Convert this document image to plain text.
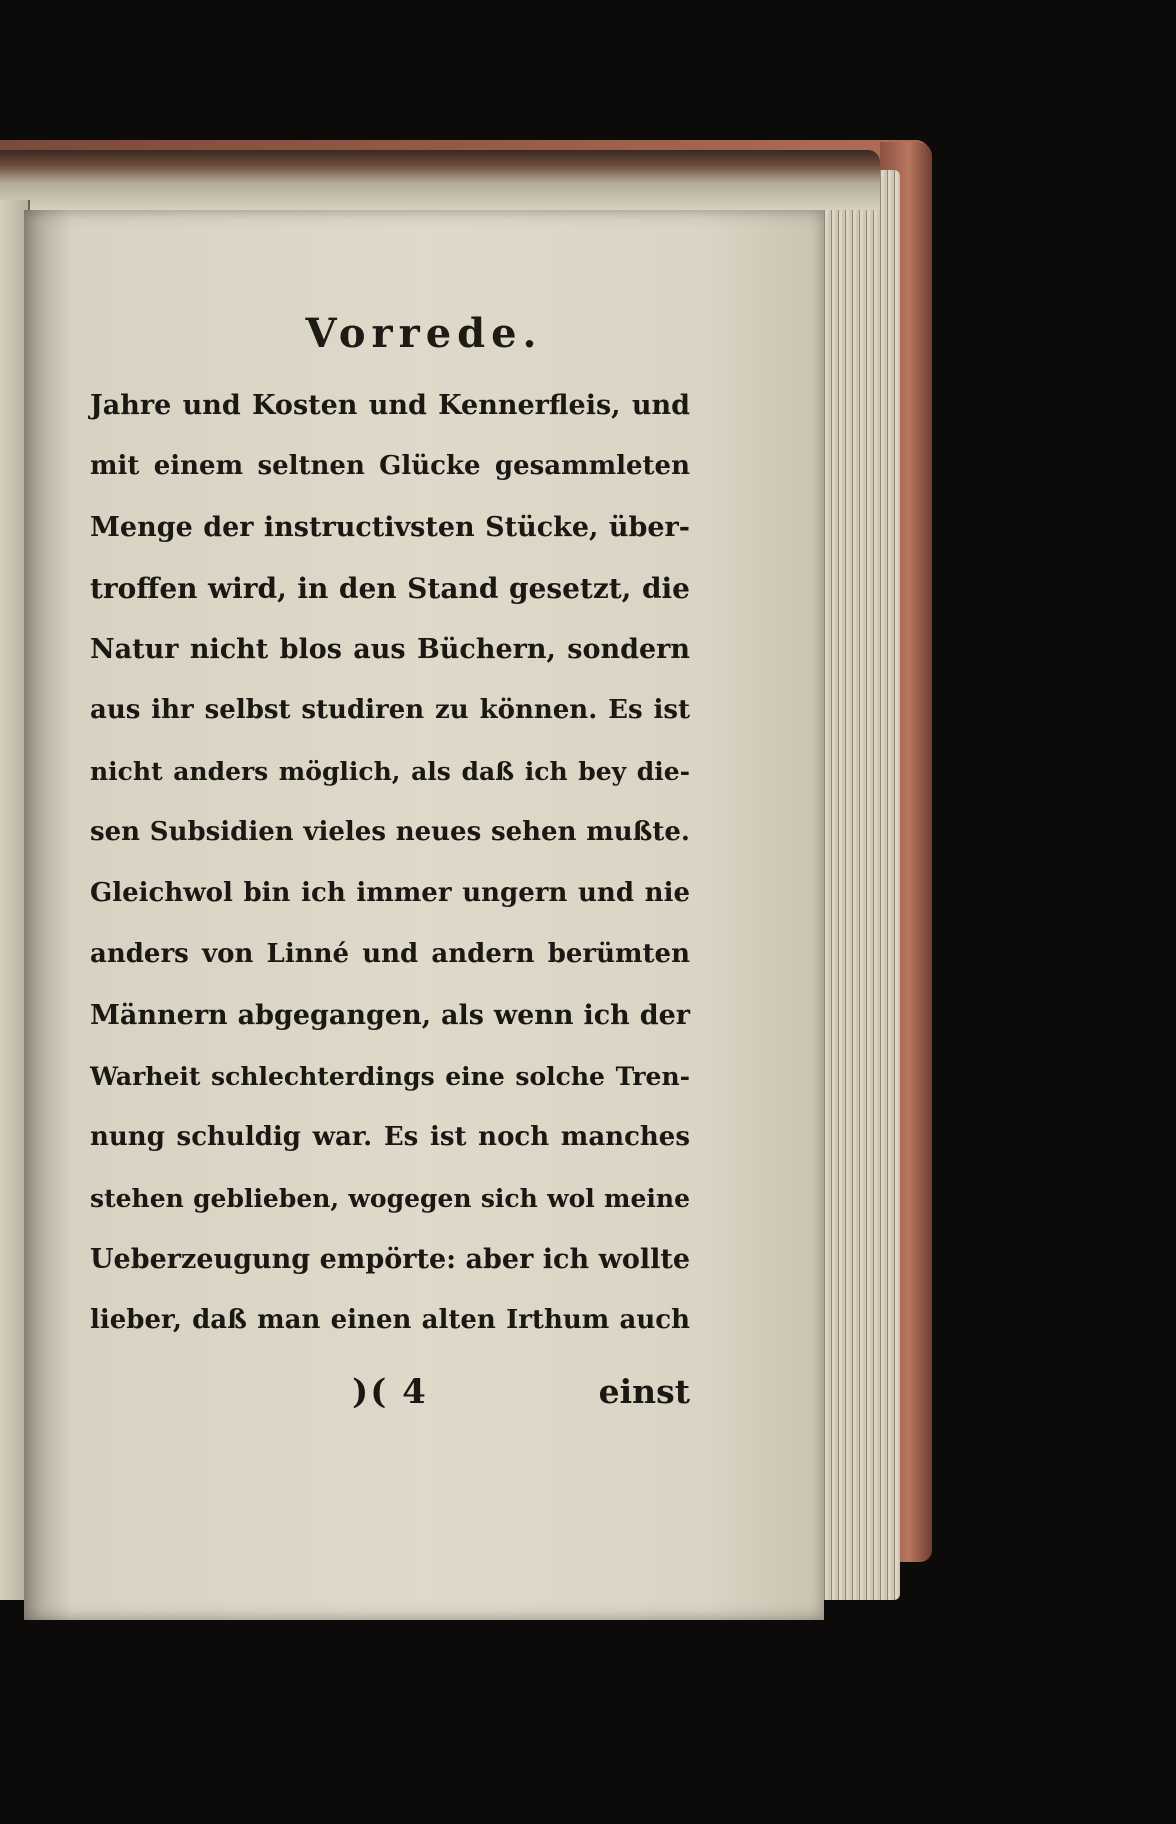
Vorrede.
Jahre und Kosten und Kennerfleis, und
mit einem seltnen Glücke gesammleten
Menge der instructivsten Stücke, über-
troffen wird, in den Stand gesetzt, die
Natur nicht blos aus Büchern, sondern
aus ihr selbst studiren zu können. Es ist
nicht anders möglich, als daß ich bey die-
sen Subsidien vieles neues sehen mußte.
Gleichwol bin ich immer ungern und nie
anders von Linné und andern berümten
Männern abgegangen, als wenn ich der
Warheit schlechterdings eine solche Tren-
nung schuldig war. Es ist noch manches
stehen geblieben, wogegen sich wol meine
Ueberzeugung empörte: aber ich wollte
lieber, daß man einen alten Irthum auch
)( 4	einst
